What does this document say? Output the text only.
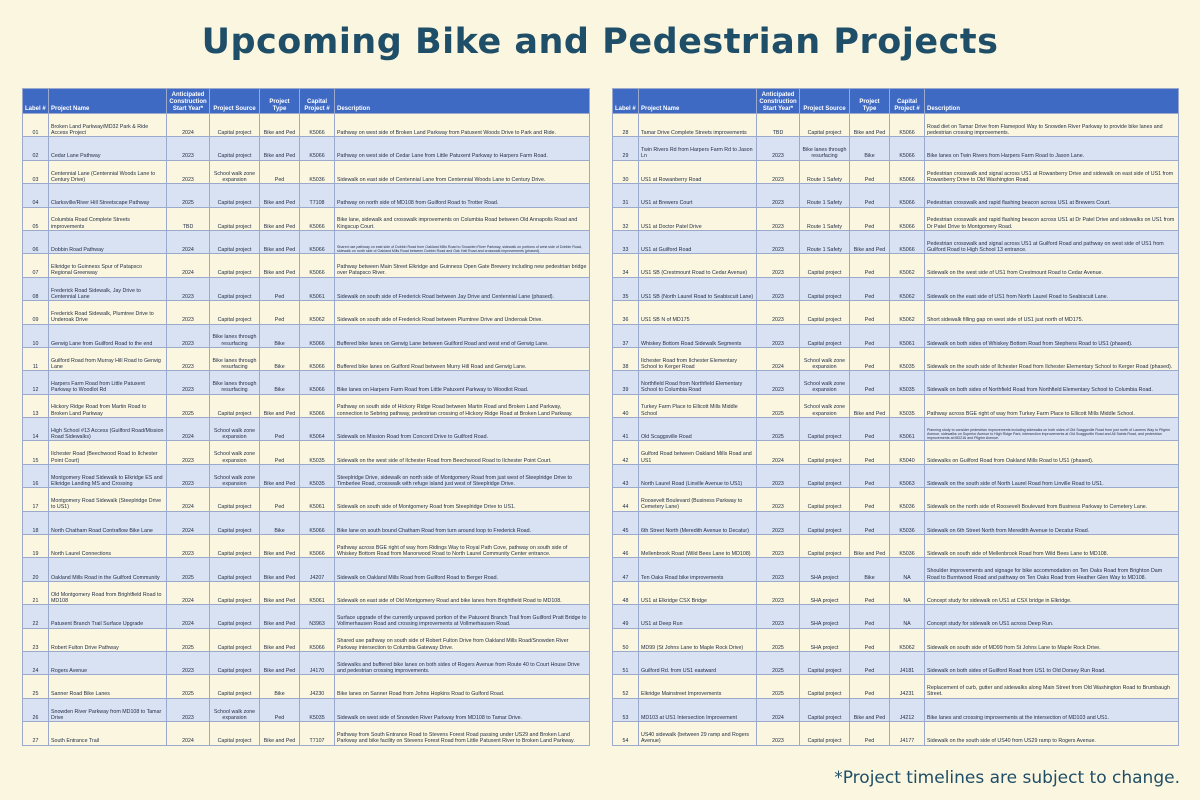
Upcoming Bike and Pedestrian Projects
Label #	Project Name	Anticipated Construction Start Year*	Project Source	Project Type	Capital Project #	Description
01	Broken Land Parkway/MD32 Park & Ride Access Project	2024	Capital project	Bike and Ped	K5066	Pathway on west side of Broken Land Parkway from Patuxent Woods Drive to Park and Ride.
02	Cedar Lane Pathway	2023	Capital project	Bike and Ped	K5066	Pathway on west side of Cedar Lane from Little Patuxent Parkway to Harpers Farm Road.
03	Centennial Lane (Centennial Woods Lane to Century Drive)	2023	School walk zone expansion	Ped	K5036	Sidewalk on east side of Centennial Lane from Centennial Woods Lane to Century Drive.
04	Clarksville/River Hill Streetscape Pathway	2025	Capital project	Bike and Ped	T7108	Pathway on north side of MD108 from Guilford Road to Trotter Road.
05	Columbia Road Complete Streets improvements	TBD	Capital project	Bike and Ped	K5066	Bike lane, sidewalk and crosswalk improvements on Columbia Road between Old Annapolis Road and Kingscup Court.
06	Dobbin Road Pathway	2024	Capital project	Bike and Ped	K5066	Shared use pathway on east side of Dobbin Road from Oakland Mills Road to Snowden River Parkway, sidewalk on portions of west side of Dobbin Road, sidewalk on north side of Oakland Mills Road between Dobbin Road and Oak Hall Road and crosswalk improvements (phased).
07	Elkridge to Guinness Spur of Patapsco Regional Greenway	2024	Capital project	Bike and Ped	K5066	Pathway between Main Street Elkridge and Guinness Open Gate Brewery including new pedestrian bridge over Patapsco River.
08	Frederick Road Sidewalk, Jay Drive to Centennial Lane	2023	Capital project	Ped	K5061	Sidewalk on south side of Frederick Road between Jay Drive and Centennial Lane (phased).
09	Frederick Road Sidewalk, Plumtree Drive to Underoak Drive	2023	Capital project	Ped	K5062	Sidewalk on south side of Frederick Road between Plumtree Drive and Underoak Drive.
10	Gerwig Lane from Guilford Road to the end	2023	Bike lanes through resurfacing	Bike	K5066	Buffered bike lanes on Gerwig Lane between Guilford Road and west end of Gerwig Lane.
11	Guilford Road from Murray Hill Road to Gerwig Lane	2023	Bike lanes through resurfacing	Bike	K5066	Buffered bike lanes on Guilford Road between Murry Hill Road and Gerwig Lane.
12	Harpers Farm Road from Little Patuxent Parkway to Woodlot Rd	2023	Bike lanes through resurfacing	Bike	K5066	Bike lanes on Harpers Farm Road from Little Patuxent Parkway to Woodlot Road.
13	Hickory Ridge Road from Martin Road to Broken Land Parkway	2025	Capital project	Bike and Ped	K5066	Pathway on south side of Hickory Ridge Road between Martin Road and Broken Land Parkway, connection to Sebring pathway, pedestrian crossing of Hickory Ridge Road at Broken Land Parkway.
14	High School #13 Access (Guilford Road/Mission Road Sidewalks)	2024	School walk zone expansion	Ped	K5064	Sidewalk on Mission Road from Concord Drive to Guilford Road.
15	Ilchester Road (Beechwood Road to Ilchester Point Court)	2023	School walk zone expansion	Ped	K5035	Sidewalk on the west side of Ilchester Road from Beechwood Road to Ilchester Point Court.
16	Montgomery Road Sidewalk to Elkridge ES and Elkridge Landing MS and Crossing	2023	School walk zone expansion	Bike and Ped	K5035	Steeplridge Drive, sidewalk on north side of Montgomery Road from just west of Steeplridge Drive to Timberlee Road, crosswalk with refuge island just west of Steeplridge Drive.
17	Montgomery Road Sidewalk (Steeplridge Drive to US1)	2024	Capital project	Ped	K5061	Sidewalk on south side of Montgomery Road from Steeplridge Drive to US1.
18	North Chatham Road Contraflow Bike Lane	2024	Capital project	Bike	K5066	Bike lane on south bound Chatham Road from turn around loop to Frederick Road.
19	North Laurel Connections	2023	Capital project	Bike and Ped	K5066	Pathway across BGE right of way from Ridings Way to Royal Path Cove, pathway on south side of Whiskey Bottom Road from Manorwood Road to North Laurel Community Center entrance.
20	Oakland Mills Road in the Guilford Community	2025	Capital project	Bike and Ped	J4207	Sidewalk on Oakland Mills Road from Guilford Road to Berger Road.
21	Old Montgomery Road from Brightfield Road to MD108	2024	Capital project	Bike and Ped	K5061	Sidewalk on east side of Old Montgomery Road and bike lanes from Brightfield Road to MD108.
22	Patuxent Branch Trail Surface Upgrade	2024	Capital project	Bike and Ped	N3963	Surface upgrade of the currently unpaved portion of the Patuxent Branch Trail from Guilford Pratt Bridge to Vollmerhausen Road and crossing improvements at Vollmerhausen Road.
23	Robert Fulton Drive Pathway	2025	Capital project	Bike and Ped	K5066	Shared use pathway on south side of Robert Fulton Drive from Oakland Mills Road/Snowden River Parkway intersection to Columbia Gateway Drive.
24	Rogers Avenue	2023	Capital project	Bike and Ped	J4170	Sidewalks and buffered bike lanes on both sides of Rogers Avenue from Route 40 to Court House Drive and pedestrian crossing improvements.
25	Sanner Road Bike Lanes	2025	Capital project	Bike	J4230	Bike lanes on Sanner Road from Johns Hopkins Road to Gulford Road.
26	Snowden River Parkway from MD108 to Tamar Drive	2023	School walk zone expansion	Ped	K5035	Sidewalk on west side of Snowden River Parkway from MD108 to Tamar Drive.
27	South Entrance Trail	2024	Capital project	Bike and Ped	T7107	Pathway from South Entrance Road to Stevens Forest Road passing under US29 and Broken Land Parkway and bike facility on Stevens Forest Road from Little Patuxent River to Broken Land Parkway.
Label #	Project Name	Anticipated Construction Start Year*	Project Source	Project Type	Capital Project #	Description
28	Tamar Drive Complete Streets improvements	TBD	Capital project	Bike and Ped	K5066	Road diet on Tamar Drive from Flamepool Way to Snowden River Parkway to provide bike lanes and pedestrian crossing improvements.
29	Twin Rivers Rd from Harpers Farm Rd to Jason Ln	2023	Bike lanes through resurfacing	Bike	K5066	Bike lanes on Twin Rivers from Harpers Farm Road to Jason Lane.
30	US1 at Rowanberry Road	2023	Route 1 Safety	Ped	K5066	Pedestrian crosswalk and signal across US1 at Rowanberry Drive and sidewalk on east side of US1 from Rowanberry Drive to Old Washington Road.
31	US1 at Brewers Court	2023	Route 1 Safety	Ped	K5066	Pedestrian crosswalk and rapid flashing beacon across US1 at Brewers Court.
32	US1 at Doctor Patel Drive	2023	Route 1 Safety	Ped	K5066	Pedestrian crosswalk and rapid flashing beacon across US1 at Dr Patel Drive and sidewalks on US1 from Dr Patel Drive to Montgomery Road.
33	US1 at Guilford Road	2023	Route 1 Safety	Bike and Ped	K5066	Pedestrian crosswalk and signal across US1 at Guilford Road and pathway on west side of US1 from Guilford Road to High School 13 entrance.
34	US1 SB (Crestmount Road to Cedar Avenue)	2023	Capital project	Ped	K5062	Sidewalk on the west side of US1 from Crestmount Road to Cedar Avenue.
35	US1 SB (North Laurel Road to Seabiscuit Lane)	2023	Capital project	Ped	K5062	Sidewalk on the east side of US1 from North Laurel Road to Seabiscuit Lane.
36	US1 SB N of MD175	2023	Capital project	Ped	K5062	Short sidewalk filling gap on west side of US1 just north of MD175.
37	Whiskey Bottom Road Sidewalk Segments	2023	Capital project	Ped	K5061	Sidewalk on both sides of Whiskey Bottom Road from Stephens Road to US1 (phased).
38	Ilchester Road from Ilchester Elementary School to Kerger Road	2024	School walk zone expansion	Ped	K5035	Sidewalk on the south side of Ilchester Road from Ilchester Elementary School to Kerger Road (phased).
39	Northfield Road from Northfield Elementary School to Columbia Road	2023	School walk zone expansion	Ped	K5035	Sidewalk on both sides of Northfield Road from Northfield Elementary School to Columbia Road.
40	Turkey Farm Place to Ellicott Mills Middle School	2025	School walk zone expansion	Bike and Ped	K5035	Pathway across BGE right of way from Turkey Farm Place to Ellicott Mills Middle School.
41	Old Scaggsville Road	2025	Capital project	Ped	K5061	Planning study to consider pedestrian improvements including sidewalks on both sides of Old Scaggsville Road from just north of Laurens Way to Pilgrim Avenue, sidewalks on Superior Avenue to High Ridge Park, intersection improvements at Old Scaggsville Road and All Saints Road, and pedestrian improvements at MD216 and Pilgrim Avenue.
42	Gulford Road between Oakland Mills Road and US1	2024	Capital project	Ped	K5040	Sidewalks on Guilford Road from Oakland Mills Road to US1 (phased).
43	North Laurel Road (Linville Avenue to US1)	2023	Capital project	Ped	K5063	Sidewalk on the south side of North Laurel Road from Linville Road to US1.
44	Roosevelt Boulevard (Business Parkway to Cemetery Lane)	2023	Capital project	Ped	K5036	Sidewalk on the north side of Roosevelt Boulevard from Business Parkway to Cemetery Lane.
45	6th Street North (Meredith Avenue to Decatur)	2023	Capital project	Ped	K5036	Sidewalk on 6th Street North from Meredith Avenue to Decatur Road.
46	Mellenbrook Road (Wild Bees Lane to MD108)	2023	Capital project	Bike and Ped	K5036	Sidewalk on south side of Mellenbrook Road from Wild Bees Lane to MD108.
47	Ten Oaks Road bike improvements	2023	SHA project	Bike	NA	Shoulder improvements and signage for bike accommodation on Ten Oaks Road from Brighton Dam Road to Burntwood Road and pathway on Ten Oaks Road from Heather Glen Way to MD108.
48	US1 at Elkridge CSX Bridge	2023	SHA project	Ped	NA	Concept study for sidewalk on US1 at CSX bridge in Elkridge.
49	US1 at Deep Run	2023	SHA project	Ped	NA	Concept study for sidewalk on US1 across Deep Run.
50	MD99 (St Johns Lane to Maple Rock Drive)	2025	SHA project	Ped	K5062	Sidewalk on south side of MD99 from St Johns Lane to Maple Rock Drive.
51	Guilford Rd. from US1 eastward	2025	Capital project	Ped	J4181	Sidewalk on both sides of Guilford Road from US1 to Old Dorsey Run Road.
52	Elkridge Mainstreet Improvements	2025	Capital project	Ped	J4231	Replacement of curb, gutter and sidewalks along Main Street from Old Washington Road to Brumbaugh Street.
53	MD103 at US1 Intersection Improvement	2024	Capital project	Bike and Ped	J4212	Bike lanes and crossing improvements at the intersection of MD103 and US1.
54	US40 sidewalk (between 29 ramp and Rogers Avenue)	2023	Capital project	Ped	J4177	Sidewalk on the south side of US40 from US29 ramp to Rogers Avenue.
*Project timelines are subject to change.
